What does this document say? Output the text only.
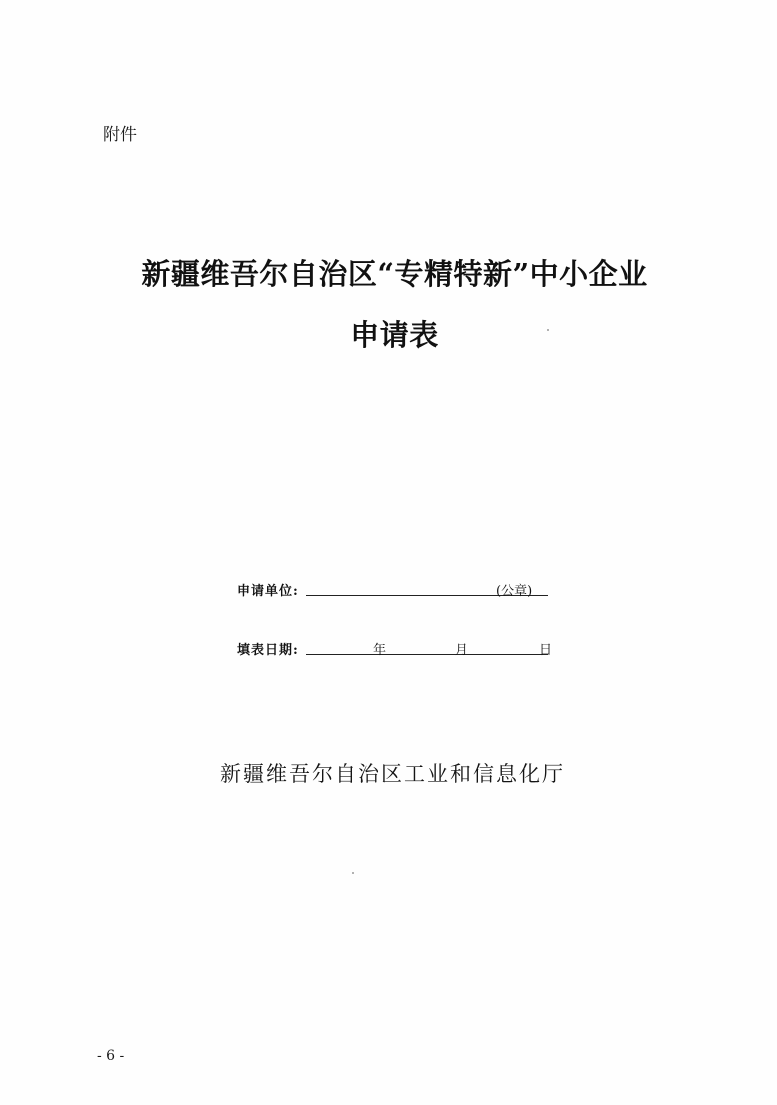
附件
新疆维吾尔自治区“专精特新”中小企业
申请表
申请单位:	(公章)
填表日期:	年	月	日
新疆维吾尔自治区工业和信息化厅
- 6 -
